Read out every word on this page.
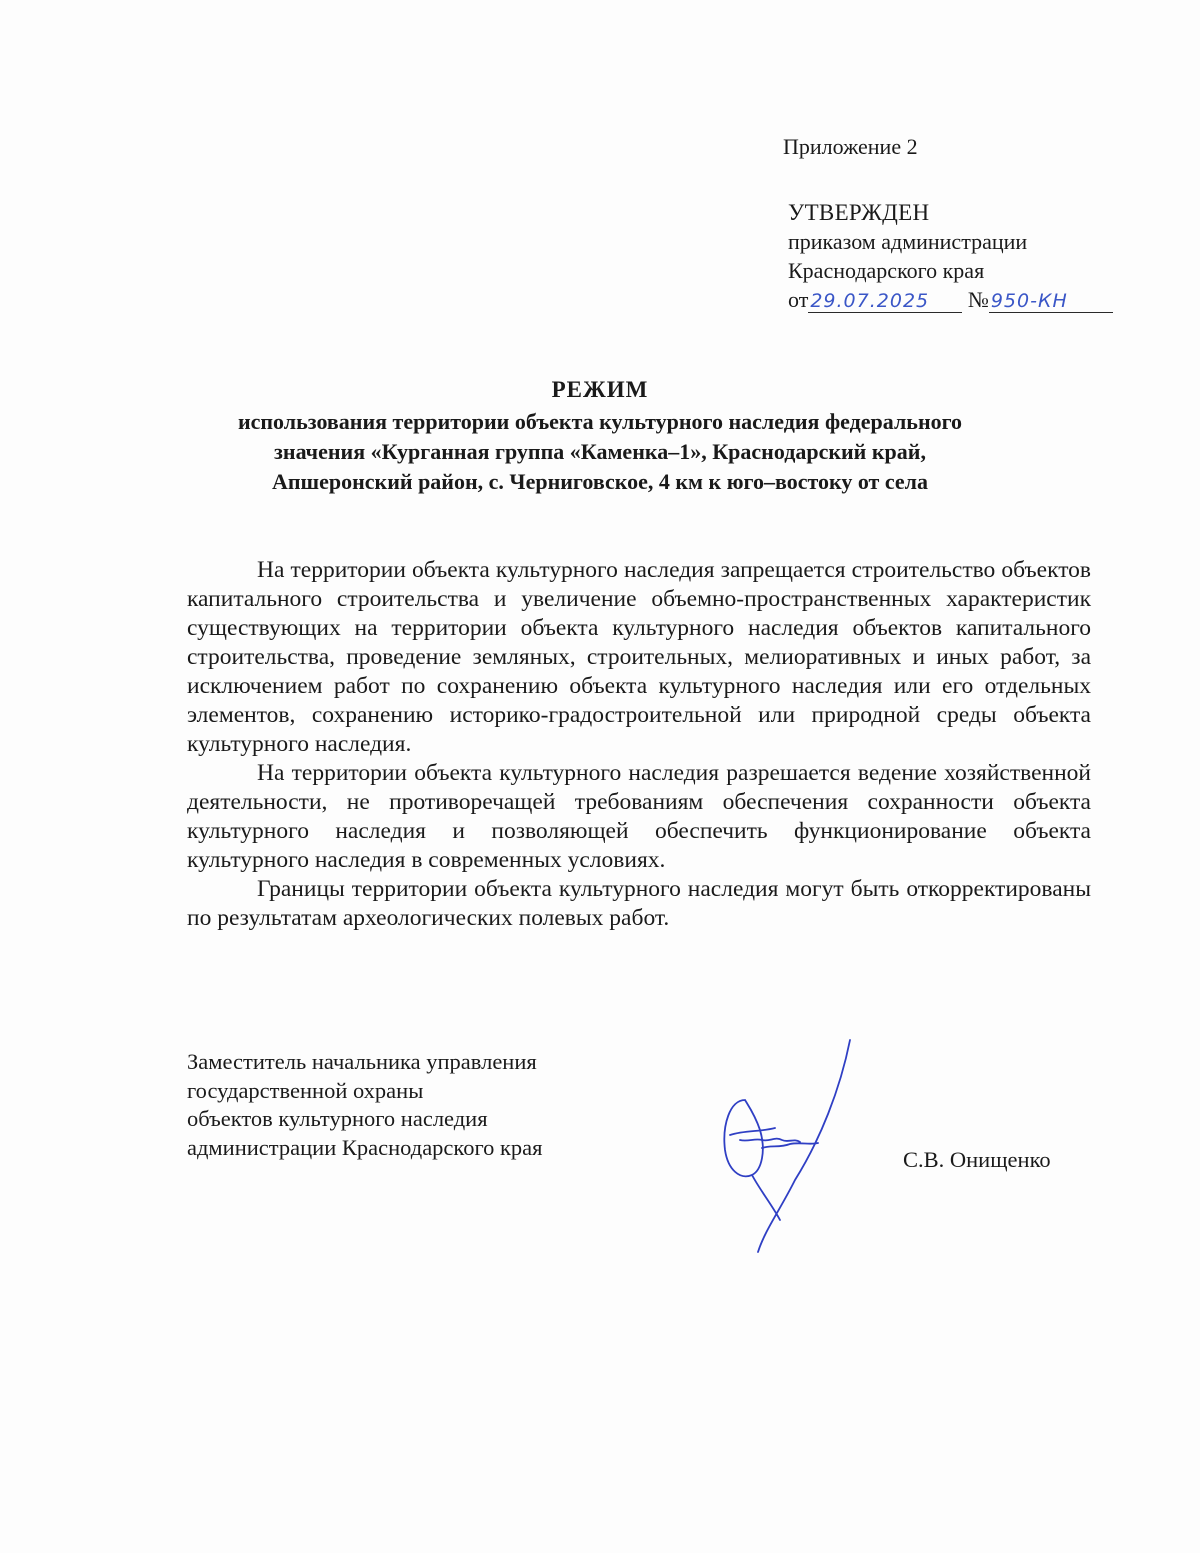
Приложение 2
УТВЕРЖДЕН
приказом администрации
Краснодарского края
от 29.07.2025 № 950-КН
РЕЖИМ
использования территории объекта культурного наследия федерального
значения «Курганная группа «Каменка–1», Краснодарский край,
Апшеронский район, с. Черниговское, 4 км к юго–востоку от села

На территории объекта культурного наследия запрещается строительство объектов капитального строительства и увеличение объемно-пространственных характеристик существующих на территории объекта культурного наследия объектов капитального строительства, проведение земляных, строительных, мелиоративных и иных работ, за исключением работ по сохранению объекта культурного наследия или его отдельных элементов, сохранению историко-градостроительной или природной среды объекта культурного наследия.

На территории объекта культурного наследия разрешается ведение хозяйственной деятельности, не противоречащей требованиям обеспечения сохранности объекта культурного наследия и позволяющей обеспечить функционирование объекта культурного наследия в современных условиях.

Границы территории объекта культурного наследия могут быть откорректированы по результатам археологических полевых работ.

Заместитель начальника управления
государственной охраны
объектов культурного наследия
администрации Краснодарского края	С.В. Онищенко
